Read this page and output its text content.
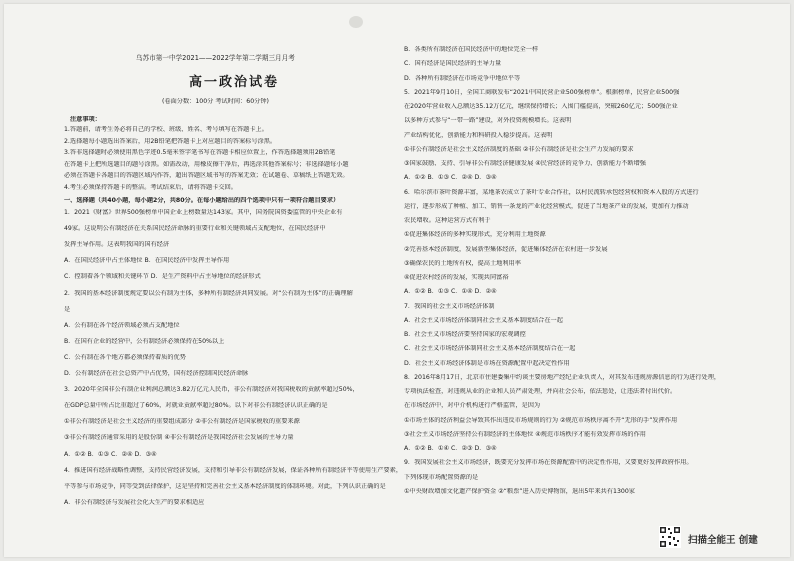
乌苏市第一中学2021——2022学年第二学期三月月考
高一政治试卷
(卷面分数：100分 考试时间：60分钟)
注意事项：
1.答题前，请考生务必将自己的学校、班级、姓名、考号填写在答题卡上。
2.选择题每小题选出答案后，用2B铅笔把答题卡上对应题目的答案标号涂黑。
3.答非选择题时必须使用黑色字迹0.5毫米签字笔书写在答题卡相应位置上，作答选择题须用2B铅笔
在答题卡上把所选题目的题号涂黑。如需改动，用橡皮擦干净后，再选涂其他答案标号；非选择题每小题
必须在答题卡各题目的答题区域内作答，超出答题区域书写的答案无效；在试题卷、草稿纸上答题无效。
4.考生必须保持答题卡的整洁。考试结束后，请将答题卡交回。
一、选择题（共40小题，每小题2分，共80分。在每小题给出的四个选项中只有一项符合题目要求）
1．2021《财富》世界500强榜单中国企业上榜数量达143家。其中，国务院国资委监管的中央企业有
49家。这说明公有制经济在关系国民经济命脉的重要行业和关键领域占支配地位，在国民经济中
发挥主导作用。这表明我国的国有经济
A．在国民经济中占主体地位 B．在国民经济中发挥主导作用
C．控制着各个领域和关键环节 D．是生产资料中占主导地位的经济形式
2．我国的基本经济制度规定要以公有制为主体，多种所有制经济共同发展。对“公有制为主体”的正确理解
是
A．公有制在各个经济领域必须占支配地位
B．在国有企业的经营中，公有制经济必须保持在50%以上
C．公有制在各个地方都必须保持着质的优势
D．公有制经济在社会总资产中占优势，国有经济控制国民经济命脉
3．2020年全国非公有制企业利润总额达3.82万亿元人民币，非公有制经济对我国税收的贡献率超过50%，
在GDP总量中所占比重超过了60%，对就业贡献率超过80%。以下对非公有制经济认识正确的是
①非公有制经济是社会主义经济的重要组成部分 ②非公有制经济是国家税收的重要来源
③非公有制经济通常采用的是股份制 ④非公有制经济是我国经济社会发展的主导力量
A．①② B．①③ C．②④ D．③④
4．推进国有经济战略性调整，支持民营经济发展，支持和引导非公有制经济发展，保证各种所有制经济平等使用生产要素，
平等参与市场竞争，同等受到法律保护，这是坚持和完善社会主义基本经济制度的体制环境。对此，下列认识正确的是
A．非公有制经济与发展社会化大生产的要求相适应
B．各类所有制经济在国民经济中的地位完全一样
C．国有经济是国民经济的主导力量
D．各种所有制经济在市场竞争中地位平等
5．2021年9月10日，全国工商联发布“2021中国民营企业500强榜单”。根据榜单，民营企业500强
在2020年营业收入总额达35.12万亿元，继续保持增长；入围门槛提高，突破260亿元；500强企业
以多种方式参与“一带一路”建设，对外投资规模增长。这表明
产业结构优化，创新能力和科研投入稳步提高。这表明
①非公有制经济是社会主义经济制度的基础 ②非公有制经济是社会生产力发展的要求
③国家鼓励、支持、引导非公有制经济健康发展 ④民营经济的竞争力、创新能力不断增强
A．①② B．①③ C．②④ D．③④
6．哈尔滨市茶叶资源丰富，某地茶农成立了茶叶专业合作社，以村民流转承包经营权和资本入股的方式进行
运行，逐步形成了种植、加工、销售一条龙的产业化经营模式，促进了当地茶产业的发展，更加有力推动
农民增收。这种运营方式有利于
①促进集体经济的多种实现形式，充分利用土地资源
②完善基本经济制度，发展新型集体经济，促进集体经济在农村进一步发展
③确保农民的土地所有权，提高土地利用率
④促进农村经济的发展，实现共同富裕
A．①② B．①③ C．①④ D．②④
7．我国的社会主义市场经济体制
A．社会主义市场经济体制同社会主义基本制度结合在一起
B．社会主义市场经济要坚持国家的宏观调控
C．社会主义市场经济体制同社会主义基本经济制度结合在一起
D．社会主义市场经济体制是市场在资源配置中起决定性作用
8．2016年8月17日，北京市住建委集中约谈主要房地产经纪企业负责人，对其发布违规房源信息的行为进行处理，
专项执法检查，对违规从业的企业和人员严肃处理，并向社会公布，依法惩处，让违法者付出代价。
在市场经济中，对中介机构进行严格监管，是因为
①市场主体的经济利益会导致其作出违反市场规则的行为 ②规范市场秩序离不开“无形的手”发挥作用
③社会主义市场经济坚持公有制经济的主体地位 ④规范市场秩序才能有效发挥市场的作用
A．①② B．①④ C．②③ D．③④
9．我国发展社会主义市场经济，既要充分发挥市场在资源配置中的决定性作用，又要更好发挥政府作用。
下列体现市场配置资源的是
①中央财政增加文化遗产保护资金 ②“粮票”进入历史博物馆，退出5年来共有1300家
扫描全能王 创建
